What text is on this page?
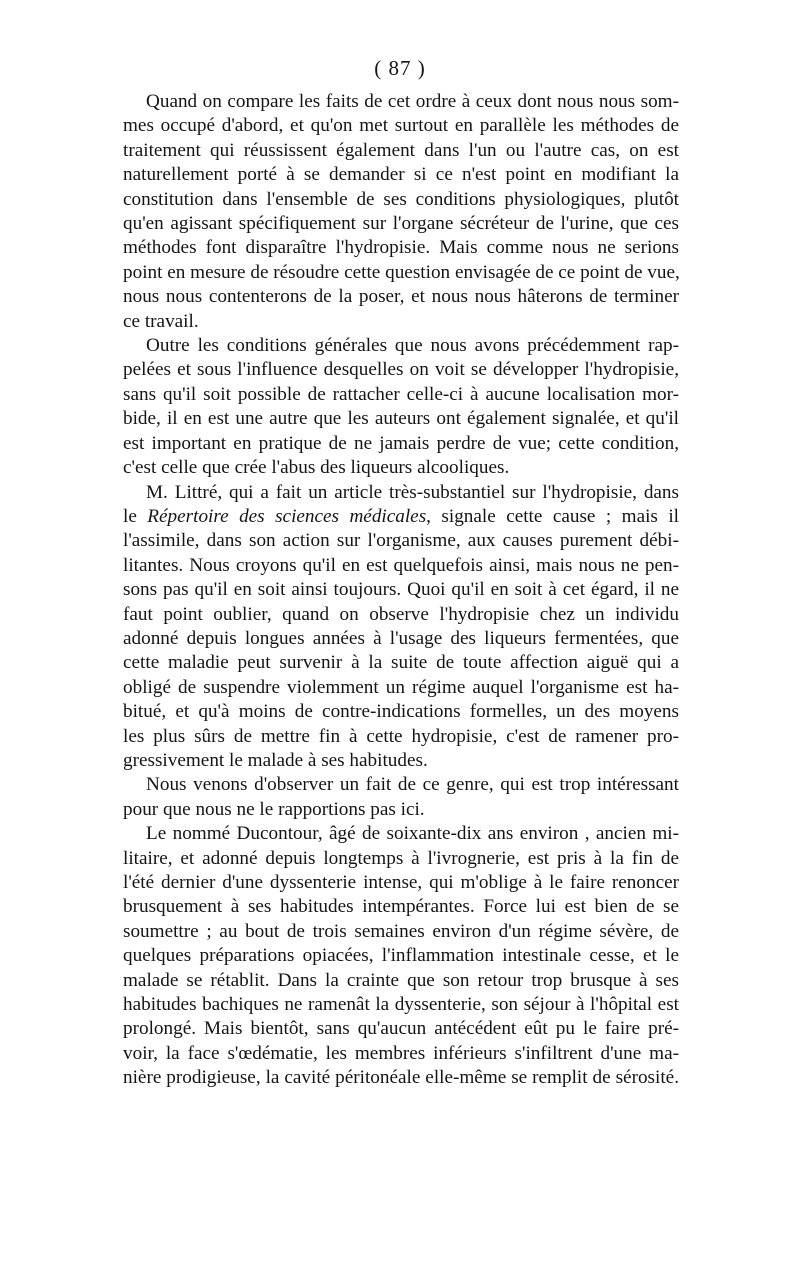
( 87 )

Quand on compare les faits de cet ordre à ceux dont nous nous som-
mes occupé d'abord, et qu'on met surtout en parallèle les méthodes de
traitement qui réussissent également dans l'un ou l'autre cas, on est
naturellement porté à se demander si ce n'est point en modifiant la
constitution dans l'ensemble de ses conditions physiologiques, plutôt
qu'en agissant spécifiquement sur l'organe sécréteur de l'urine, que ces
méthodes font disparaître l'hydropisie. Mais comme nous ne serions
point en mesure de résoudre cette question envisagée de ce point de vue,
nous nous contenterons de la poser, et nous nous hâterons de terminer
ce travail.

Outre les conditions générales que nous avons précédemment rap-
pelées et sous l'influence desquelles on voit se développer l'hydropisie,
sans qu'il soit possible de rattacher celle-ci à aucune localisation mor-
bide, il en est une autre que les auteurs ont également signalée, et qu'il
est important en pratique de ne jamais perdre de vue; cette condition,
c'est celle que crée l'abus des liqueurs alcooliques.

M. Littré, qui a fait un article très-substantiel sur l'hydropisie, dans
le Répertoire des sciences médicales, signale cette cause ; mais il
l'assimile, dans son action sur l'organisme, aux causes purement débi-
litantes. Nous croyons qu'il en est quelquefois ainsi, mais nous ne pen-
sons pas qu'il en soit ainsi toujours. Quoi qu'il en soit à cet égard, il ne
faut point oublier, quand on observe l'hydropisie chez un individu
adonné depuis longues années à l'usage des liqueurs fermentées, que
cette maladie peut survenir à la suite de toute affection aiguë qui a
obligé de suspendre violemment un régime auquel l'organisme est ha-
bitué, et qu'à moins de contre-indications formelles, un des moyens
les plus sûrs de mettre fin à cette hydropisie, c'est de ramener pro-
gressivement le malade à ses habitudes.

Nous venons d'observer un fait de ce genre, qui est trop intéressant
pour que nous ne le rapportions pas ici.

Le nommé Ducontour, âgé de soixante-dix ans environ , ancien mi-
litaire, et adonné depuis longtemps à l'ivrognerie, est pris à la fin de
l'été dernier d'une dyssenterie intense, qui m'oblige à le faire renoncer
brusquement à ses habitudes intempérantes. Force lui est bien de se
soumettre ; au bout de trois semaines environ d'un régime sévère, de
quelques préparations opiacées, l'inflammation intestinale cesse, et le
malade se rétablit. Dans la crainte que son retour trop brusque à ses
habitudes bachiques ne ramenât la dyssenterie, son séjour à l'hôpital est
prolongé. Mais bientôt, sans qu'aucun antécédent eût pu le faire pré-
voir, la face s'œdématie, les membres inférieurs s'infiltrent d'une ma-
nière prodigieuse, la cavité péritonéale elle-même se remplit de sérosité.
